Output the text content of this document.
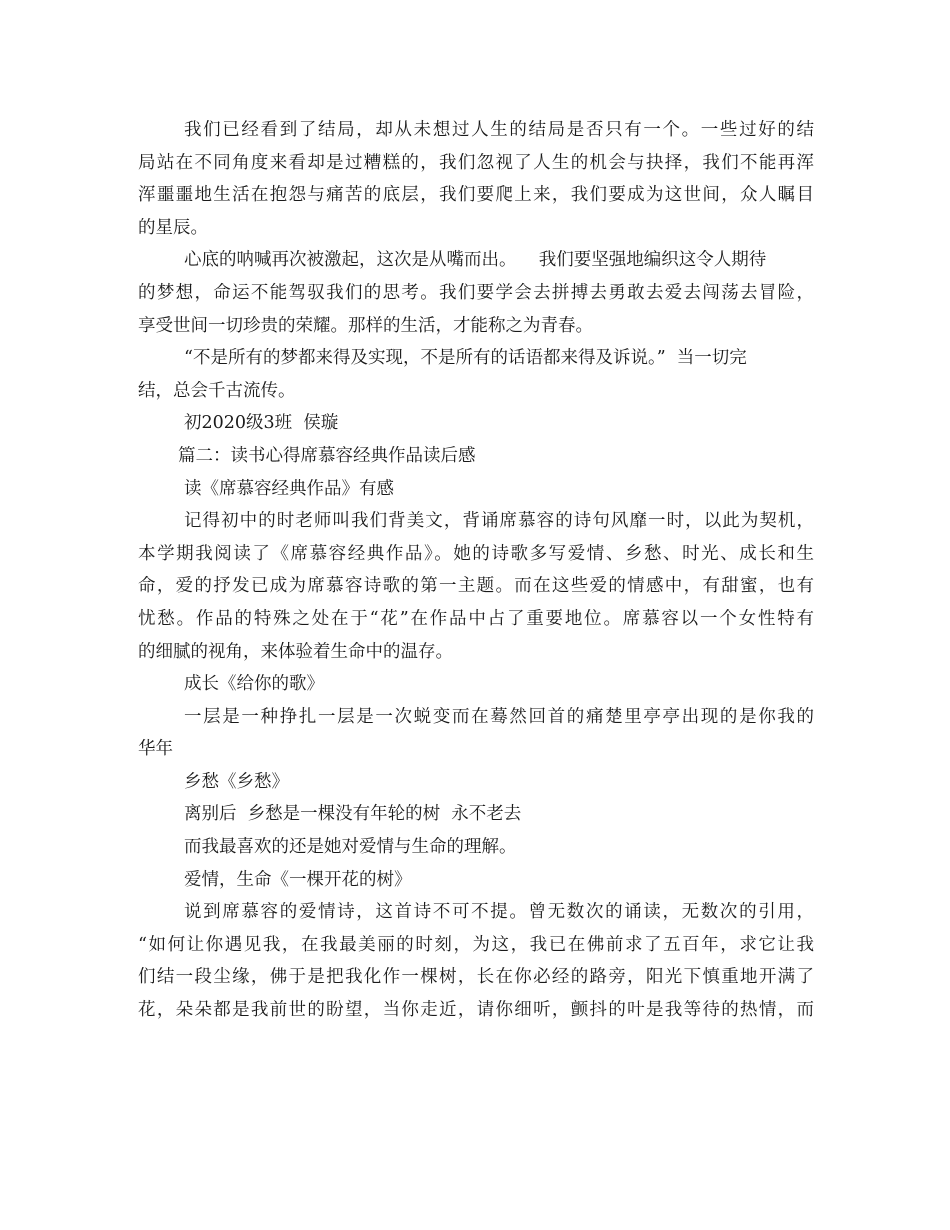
我们已经看到了结局，却从未想过人生的结局是否只有一个。一些过好的结
局站在不同角度来看却是过糟糕的，我们忽视了人生的机会与抉择，我们不能再浑
浑噩噩地生活在抱怨与痛苦的底层，我们要爬上来，我们要成为这世间，众人瞩目
的星辰。
心底的呐喊再次被激起，这次是从嘴而出。    我们要坚强地编织这令人期待
的梦想，命运不能驾驭我们的思考。我们要学会去拼搏去勇敢去爱去闯荡去冒险，
享受世间一切珍贵的荣耀。那样的生活，才能称之为青春。
“不是所有的梦都来得及实现，不是所有的话语都来得及诉说。”  当一切完
结，总会千古流传。
初2020级3班  侯璇
篇二：读书心得席慕容经典作品读后感
读《席慕容经典作品》有感
记得初中的时老师叫我们背美文，背诵席慕容的诗句风靡一时，以此为契机，
本学期我阅读了《席慕容经典作品》。她的诗歌多写爱情、乡愁、时光、成长和生
命，爱的抒发已成为席慕容诗歌的第一主题。而在这些爱的情感中，有甜蜜，也有
忧愁。作品的特殊之处在于“花”在作品中占了重要地位。席慕容以一个女性特有
的细腻的视角，来体验着生命中的温存。
成长《给你的歌》
一层是一种挣扎一层是一次蜕变而在蓦然回首的痛楚里亭亭出现的是你我的
华年
乡愁《乡愁》
离别后  乡愁是一棵没有年轮的树  永不老去
而我最喜欢的还是她对爱情与生命的理解。
爱情，生命《一棵开花的树》
说到席慕容的爱情诗，这首诗不可不提。曾无数次的诵读，无数次的引用，
“如何让你遇见我，在我最美丽的时刻，为这，我已在佛前求了五百年，求它让我
们结一段尘缘，佛于是把我化作一棵树，长在你必经的路旁，阳光下慎重地开满了
花，朵朵都是我前世的盼望，当你走近，请你细听，颤抖的叶是我等待的热情，而
